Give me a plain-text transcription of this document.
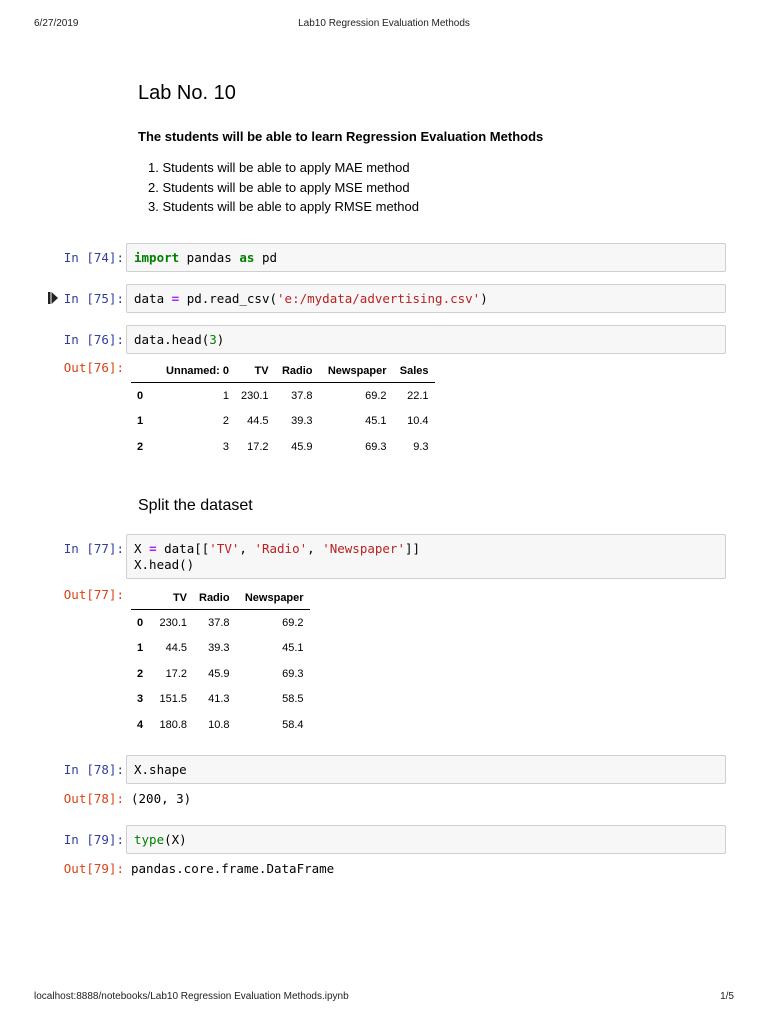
6/27/2019	Lab10 Regression Evaluation Methods
localhost:8888/notebooks/Lab10 Regression Evaluation Methods.ipynb	1/5
Lab No. 10
The students will be able to learn Regression Evaluation Methods
1. Students will be able to apply MAE method
2. Students will be able to apply MSE method
3. Students will be able to apply RMSE method
In [74]: import pandas as pd
In [75]: data = pd.read_csv('e:/mydata/advertising.csv')
In [76]: data.head(3)
Out[76]:
		Unnamed: 0	TV	Radio	Newspaper	Sales
0	1	230.1	37.8	69.2	22.1
1	2	44.5	39.3	45.1	10.4
2	3	17.2	45.9	69.3	9.3
Split the dataset
In [77]: X = data[['TV', 'Radio', 'Newspaper']]
X.head()
Out[77]:
		TV	Radio	Newspaper
0	230.1	37.8	69.2
1	44.5	39.3	45.1
2	17.2	45.9	69.3
3	151.5	41.3	58.5
4	180.8	10.8	58.4
In [78]: X.shape
Out[78]: (200, 3)
In [79]: type(X)
Out[79]: pandas.core.frame.DataFrame
